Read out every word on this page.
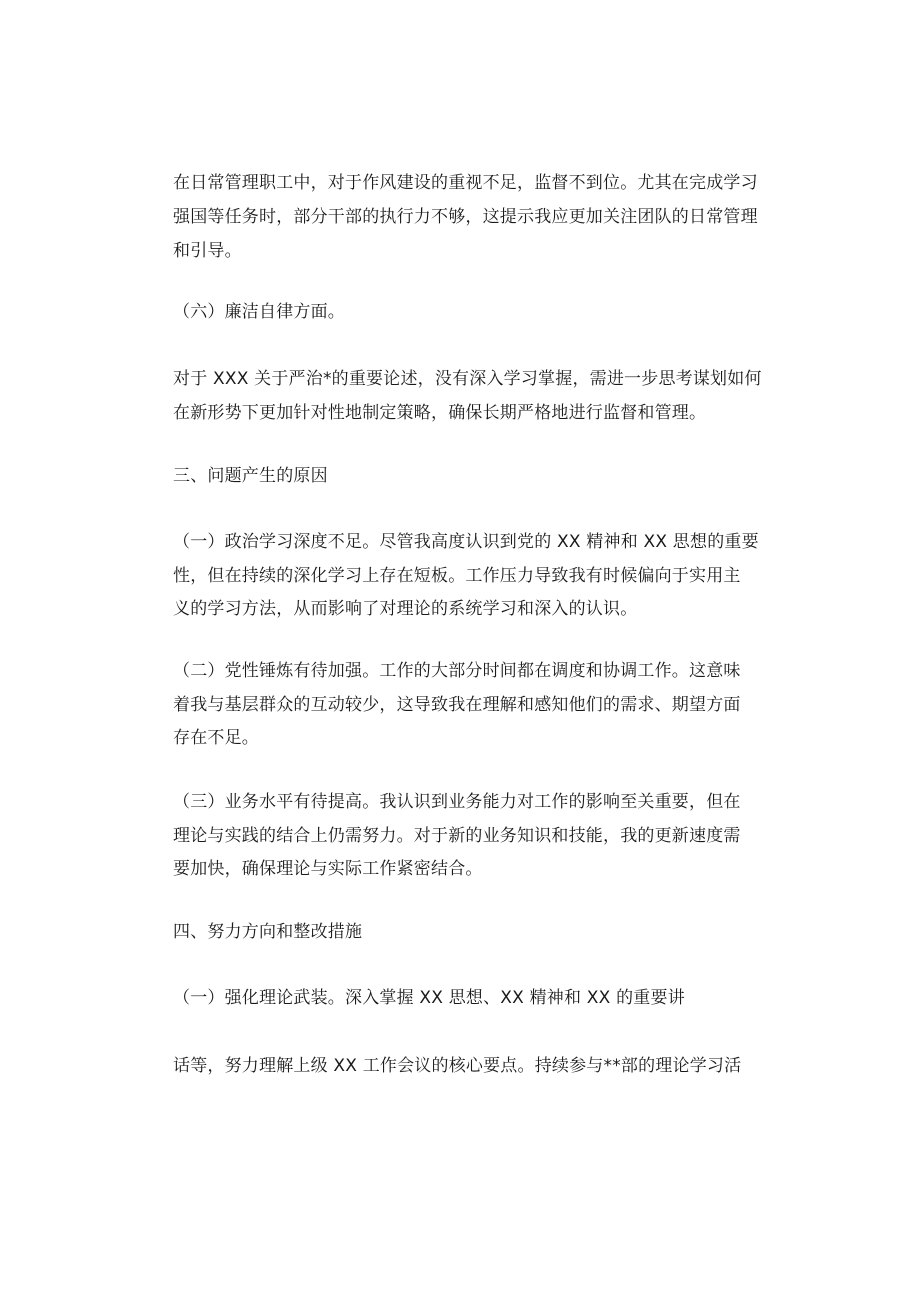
在日常管理职工中，对于作风建设的重视不足，监督不到位。尤其在完成学习
强国等任务时，部分干部的执行力不够，这提示我应更加关注团队的日常管理
和引导。
（六）廉洁自律方面。
对于 XXX 关于严治*的重要论述，没有深入学习掌握，需进一步思考谋划如何
在新形势下更加针对性地制定策略，确保长期严格地进行监督和管理。
三、问题产生的原因
（一）政治学习深度不足。尽管我高度认识到党的 XX 精神和 XX 思想的重要
性，但在持续的深化学习上存在短板。工作压力导致我有时候偏向于实用主
义的学习方法，从而影响了对理论的系统学习和深入的认识。
（二）党性锤炼有待加强。工作的大部分时间都在调度和协调工作。这意味
着我与基层群众的互动较少，这导致我在理解和感知他们的需求、期望方面
存在不足。
（三）业务水平有待提高。我认识到业务能力对工作的影响至关重要，但在
理论与实践的结合上仍需努力。对于新的业务知识和技能，我的更新速度需
要加快，确保理论与实际工作紧密结合。
四、努力方向和整改措施
（一）强化理论武装。深入掌握 XX 思想、XX 精神和 XX 的重要讲
话等，努力理解上级 XX 工作会议的核心要点。持续参与**部的理论学习活
